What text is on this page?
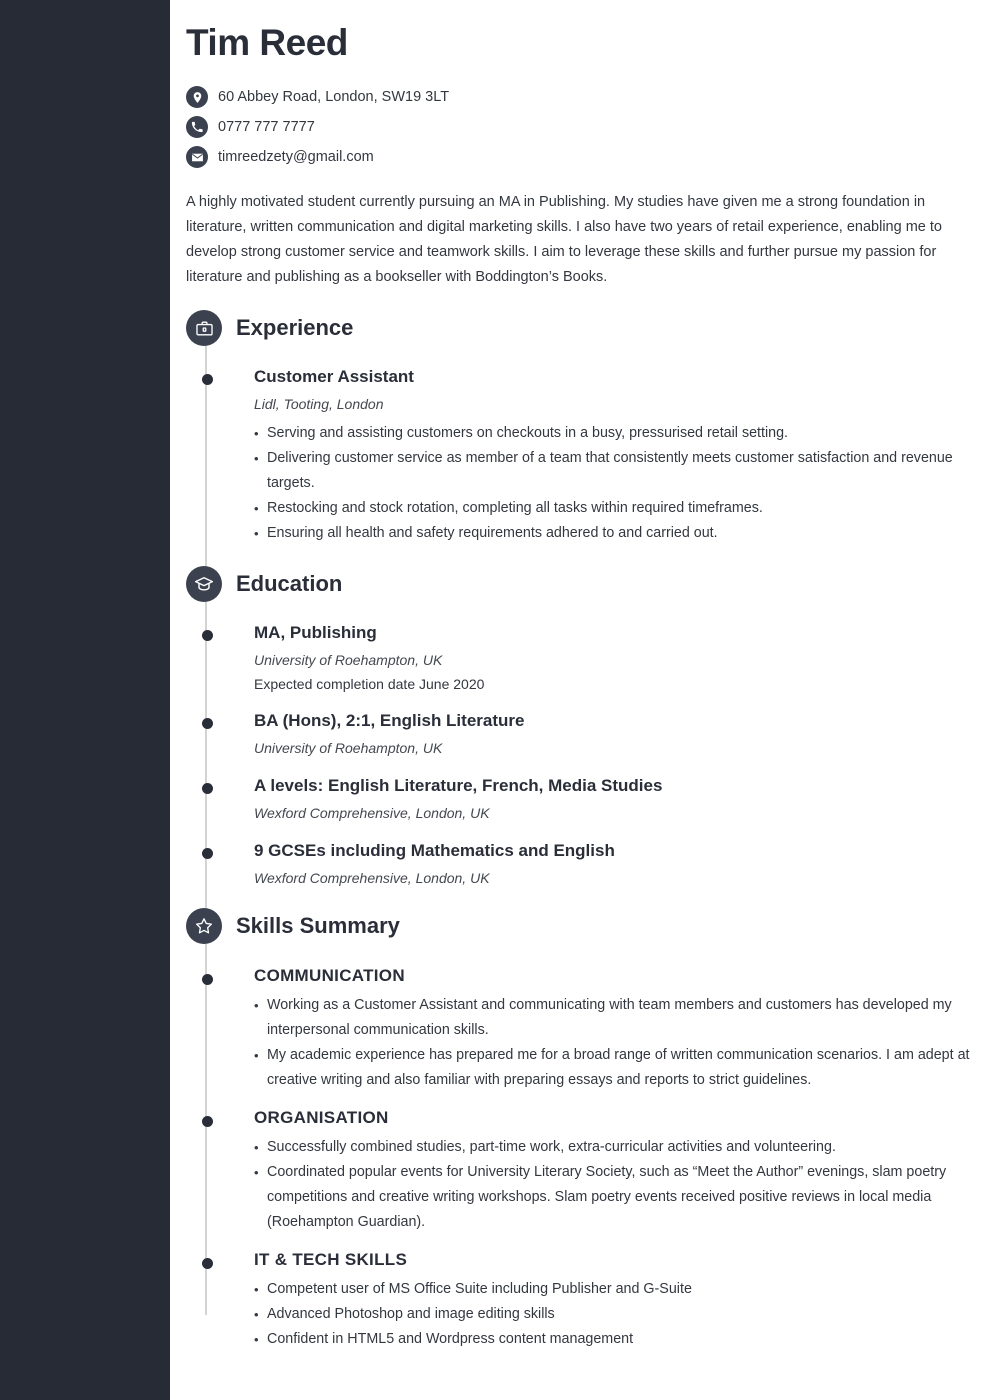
2017-10 - present
2020-06
2015-09 - 2018-06
2013-09 - 2015-06
2011-09 - 2013-06
Tim Reed
60 Abbey Road, London, SW19 3LT
0777 777 7777
timreedzety@gmail.com

A highly motivated student currently pursuing an MA in Publishing. My studies have given me a strong foundation in literature, written communication and digital marketing skills. I also have two years of retail experience, enabling me to develop strong customer service and teamwork skills. I aim to leverage these skills and further pursue my passion for literature and publishing as a bookseller with Boddington’s Books.

Experience
Customer Assistant
Lidl, Tooting, London
• Serving and assisting customers on checkouts in a busy, pressurised retail setting.
• Delivering customer service as member of a team that consistently meets customer satisfaction and revenue targets.
• Restocking and stock rotation, completing all tasks within required timeframes.
• Ensuring all health and safety requirements adhered to and carried out.
Education
MA, Publishing
University of Roehampton, UK
Expected completion date June 2020
BA (Hons), 2:1, English Literature
University of Roehampton, UK
A levels: English Literature, French, Media Studies
Wexford Comprehensive, London, UK
9 GCSEs including Mathematics and English
Wexford Comprehensive, London, UK
Skills Summary
COMMUNICATION
• Working as a Customer Assistant and communicating with team members and customers has developed my interpersonal communication skills.
• My academic experience has prepared me for a broad range of written communication scenarios. I am adept at creative writing and also familiar with preparing essays and reports to strict guidelines.
ORGANISATION
• Successfully combined studies, part-time work, extra-curricular activities and volunteering.
• Coordinated popular events for University Literary Society, such as “Meet the Author” evenings, slam poetry competitions and creative writing workshops. Slam poetry events received positive reviews in local media (Roehampton Guardian).
IT & TECH SKILLS
• Competent user of MS Office Suite including Publisher and G-Suite
• Advanced Photoshop and image editing skills
• Confident in HTML5 and Wordpress content management
